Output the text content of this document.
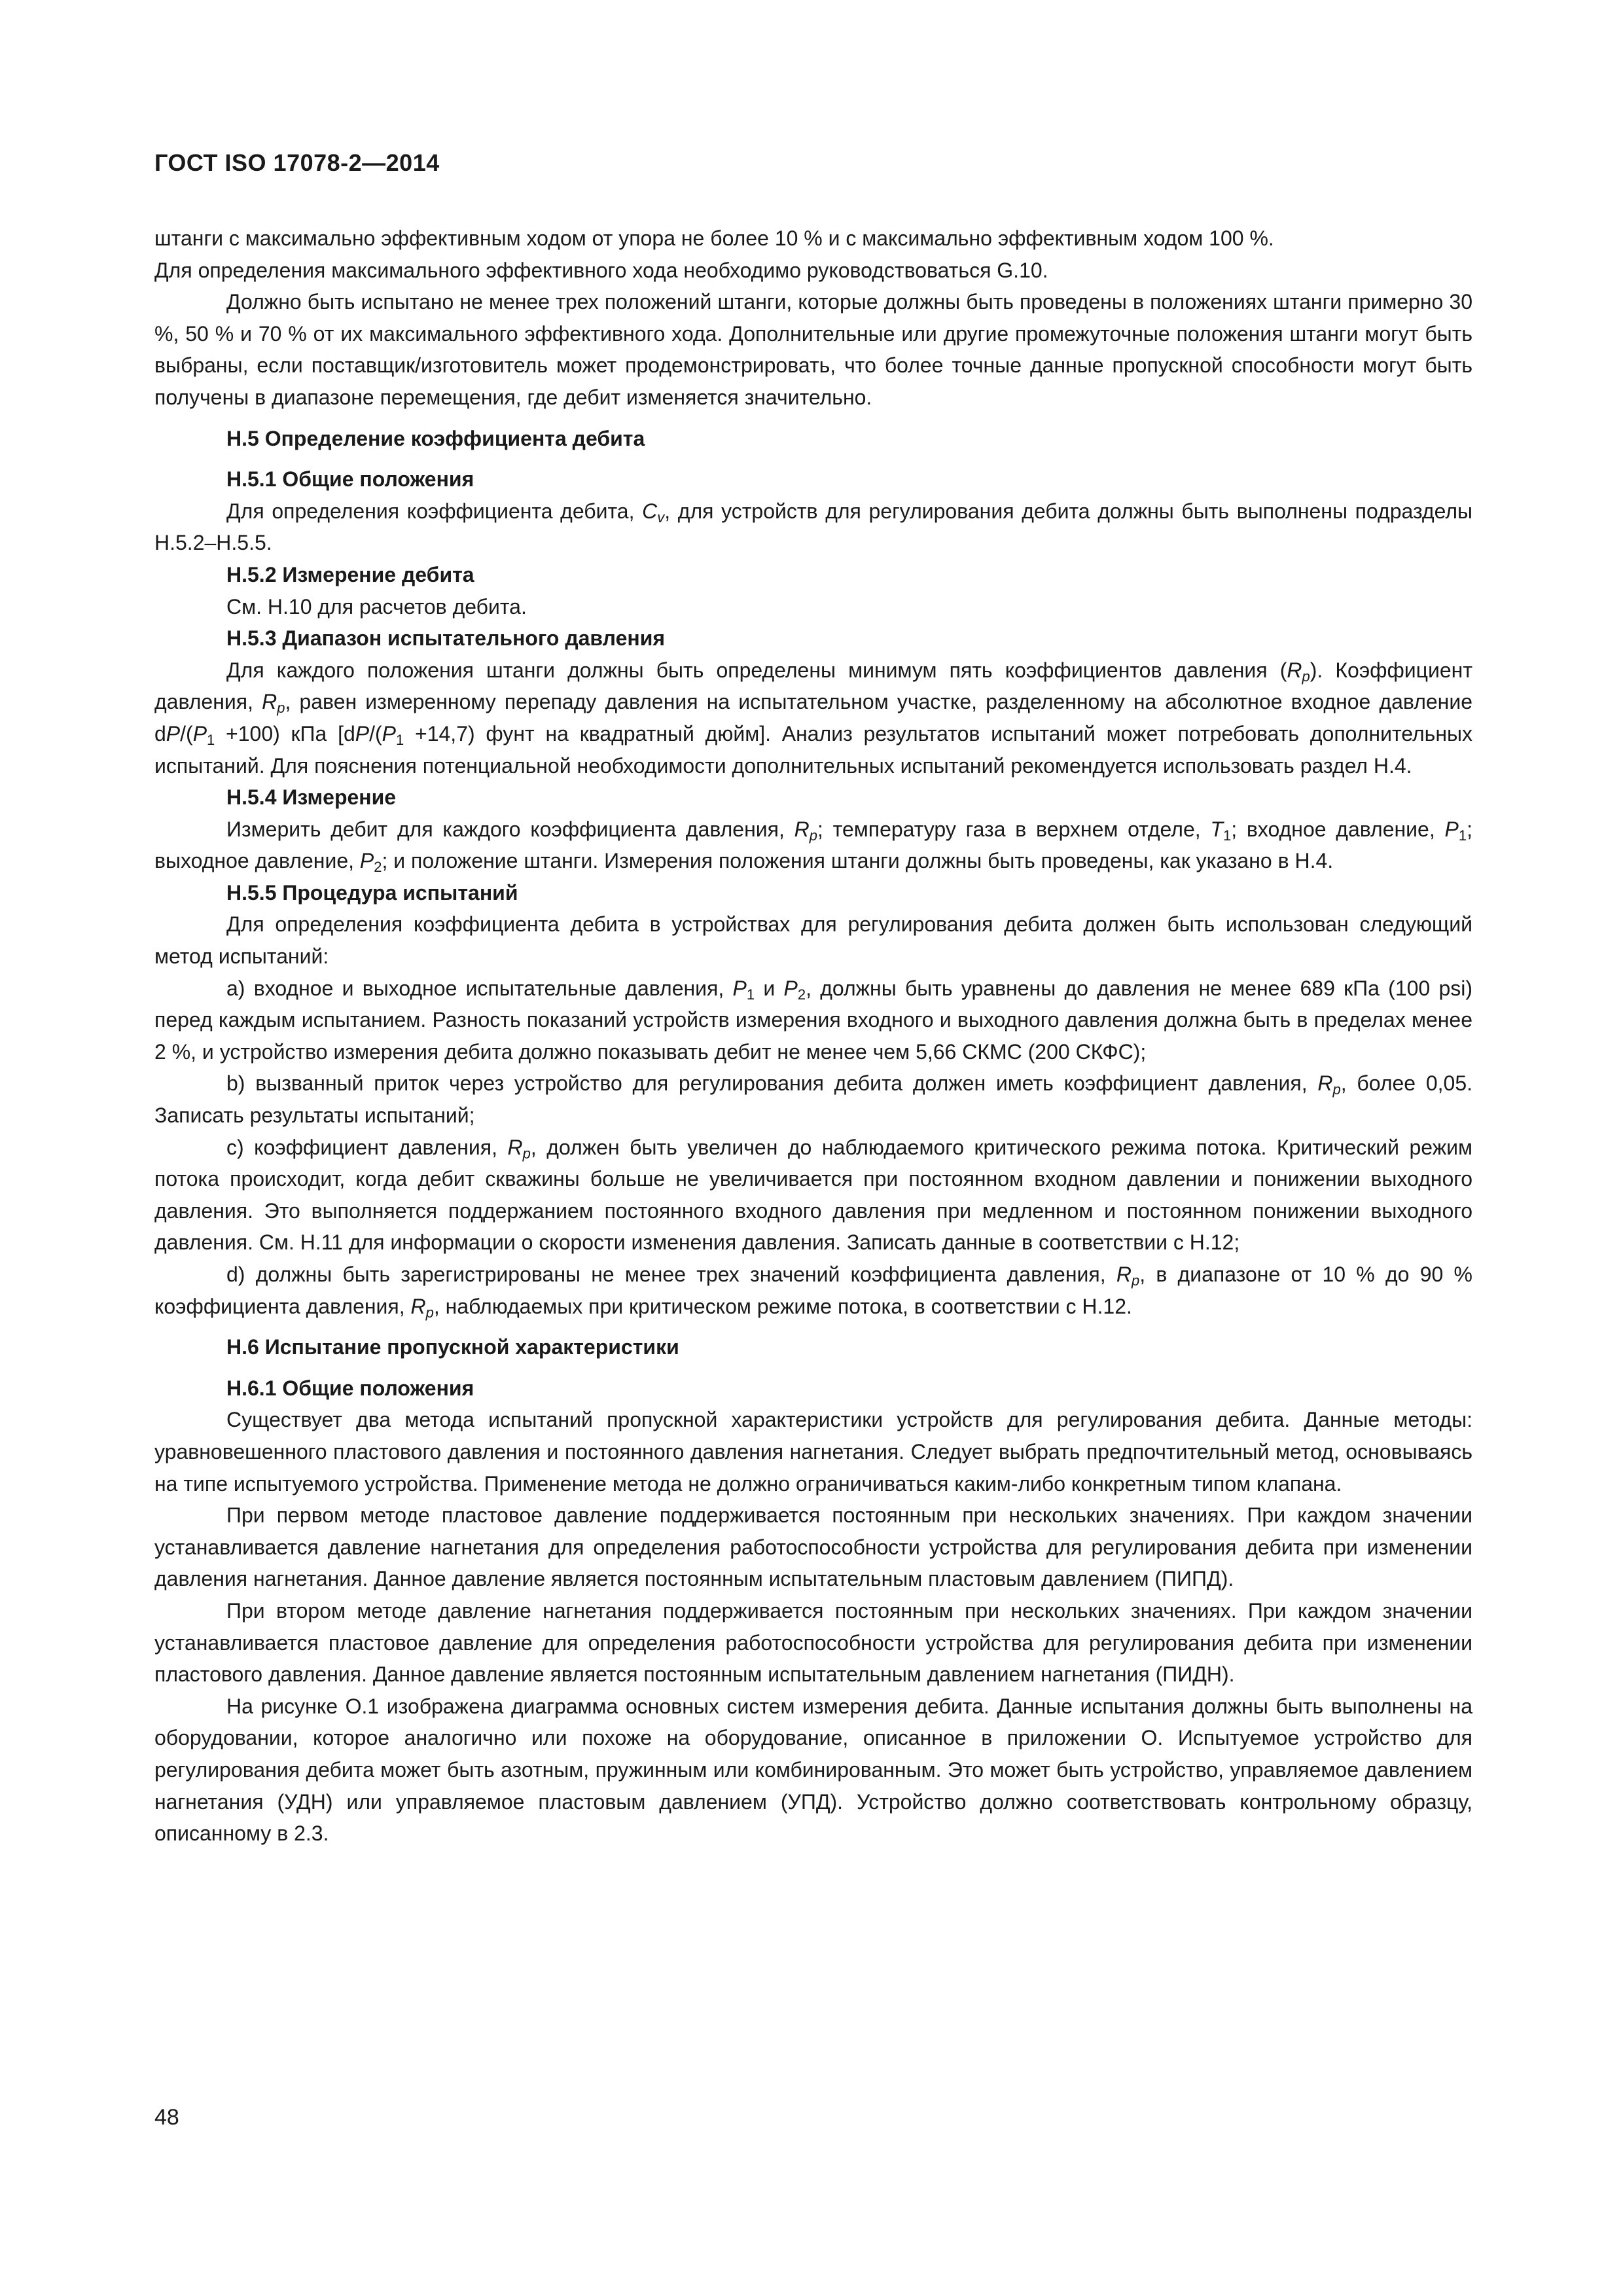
ГОСТ ISO 17078-2—2014

штанги с максимально эффективным ходом от упора не более 10 % и с максимально эффективным ходом 100 %.
Для определения максимального эффективного хода необходимо руководствоваться G.10.

Должно быть испытано не менее трех положений штанги, которые должны быть проведены в положениях штанги примерно 30 %, 50 % и 70 % от их максимального эффективного хода. Дополнительные или другие промежуточные положения штанги могут быть выбраны, если поставщик/изготовитель может продемонстрировать, что более точные данные пропускной способности могут быть получены в диапазоне перемещения, где дебит изменяется значительно.

H.5 Определение коэффициента дебита
H.5.1 Общие положения

Для определения коэффициента дебита, $C_v$, для устройств для регулирования дебита должны быть выполнены подразделы H.5.2–H.5.5.

H.5.2 Измерение дебита

См. H.10 для расчетов дебита.

H.5.3 Диапазон испытательного давления

Для каждого положения штанги должны быть определены минимум пять коэффициентов давления $(R_p)$. Коэффициент давления, $R_p$, равен измеренному перепаду давления на испытательном участке, разделенному на абсолютное входное давление $dP/(P_1 +100)$ кПа [$dP/(P_1 +14,7)$ фунт на квадратный дюйм]. Анализ результатов испытаний может потребовать дополнительных испытаний. Для пояснения потенциальной необходимости дополнительных испытаний рекомендуется использовать раздел H.4.

H.5.4 Измерение

Измерить дебит для каждого коэффициента давления, $R_p$; температуру газа в верхнем отделе, $T_1$; входное давление, $P_1$; выходное давление, $P_2$; и положение штанги. Измерения положения штанги должны быть проведены, как указано в H.4.

H.5.5 Процедура испытаний

Для определения коэффициента дебита в устройствах для регулирования дебита должен быть использован следующий метод испытаний:

a) входное и выходное испытательные давления, $P_1$ и $P_2$, должны быть уравнены до давления не менее 689 кПа (100 psi) перед каждым испытанием. Разность показаний устройств измерения входного и выходного давления должна быть в пределах менее 2 %, и устройство измерения дебита должно показывать дебит не менее чем 5,66 СКМС (200 СКФС);

b) вызванный приток через устройство для регулирования дебита должен иметь коэффициент давления, $R_p$, более 0,05. Записать результаты испытаний;

c) коэффициент давления, $R_p$, должен быть увеличен до наблюдаемого критического режима потока. Критический режим потока происходит, когда дебит скважины больше не увеличивается при постоянном входном давлении и понижении выходного давления. Это выполняется поддержанием постоянного входного давления при медленном и постоянном понижении выходного давления. См. H.11 для информации о скорости изменения давления. Записать данные в соответствии с H.12;

d) должны быть зарегистрированы не менее трех значений коэффициента давления, $R_p$, в диапазоне от 10 % до 90 % коэффициента давления, $R_p$, наблюдаемых при критическом режиме потока, в соответствии с H.12.

H.6 Испытание пропускной характеристики
H.6.1 Общие положения

Существует два метода испытаний пропускной характеристики устройств для регулирования дебита. Данные методы: уравновешенного пластового давления и постоянного давления нагнетания. Следует выбрать предпочтительный метод, основываясь на типе испытуемого устройства. Применение метода не должно ограничиваться каким-либо конкретным типом клапана.

При первом методе пластовое давление поддерживается постоянным при нескольких значениях. При каждом значении устанавливается давление нагнетания для определения работоспособности устройства для регулирования дебита при изменении давления нагнетания. Данное давление является постоянным испытательным пластовым давлением (ПИПД).

При втором методе давление нагнетания поддерживается постоянным при нескольких значениях. При каждом значении устанавливается пластовое давление для определения работоспособности устройства для регулирования дебита при изменении пластового давления. Данное давление является постоянным испытательным давлением нагнетания (ПИДН).

На рисунке O.1 изображена диаграмма основных систем измерения дебита. Данные испытания должны быть выполнены на оборудовании, которое аналогично или похоже на оборудование, описанное в приложении O. Испытуемое устройство для регулирования дебита может быть азотным, пружинным или комбинированным. Это может быть устройство, управляемое давлением нагнетания (УДН) или управляемое пластовым давлением (УПД). Устройство должно соответствовать контрольному образцу, описанному в 2.3.

48
